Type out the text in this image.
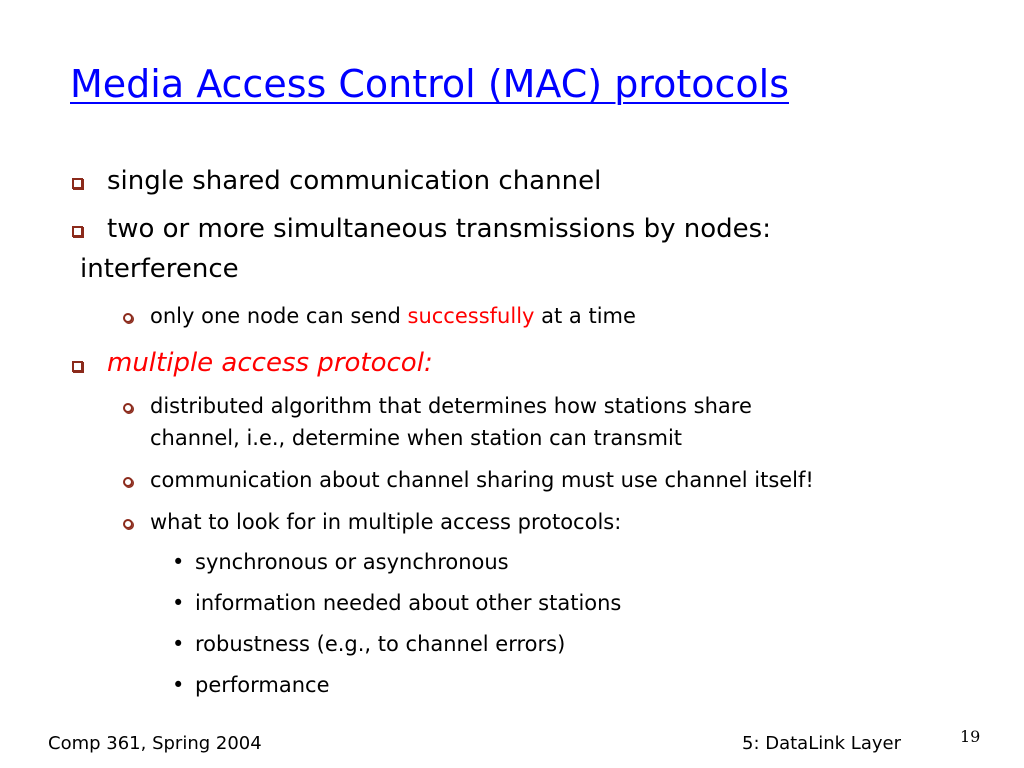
Media Access Control (MAC) protocols
single shared communication channel
two or more simultaneous transmissions by nodes:
interference
only one node can send successfully at a time
multiple access protocol:
distributed algorithm that determines how stations share
channel, i.e., determine when station can transmit
communication about channel sharing must use channel itself!
what to look for in multiple access protocols:
• synchronous or asynchronous
• information needed about other stations
• robustness (e.g., to channel errors)
• performance
Comp 361, Spring 2004	5: DataLink Layer	19
